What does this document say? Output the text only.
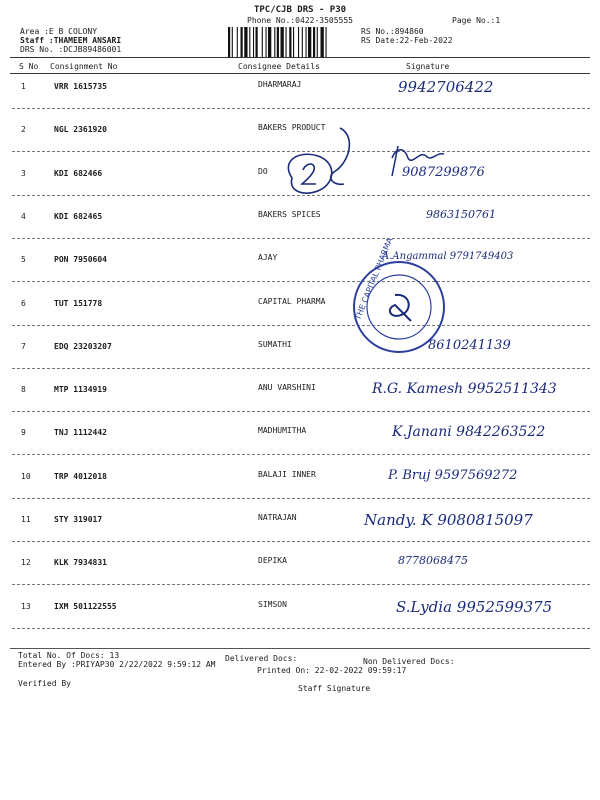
TPC/CJB DRS - P30
Phone No.:0422-3505555
Area :E B COLONY
Staff :THAMEEM ANSARI
DRS No. :DCJB89486001
RS No.:894860
RS Date:22-Feb-2022
Page No.:1
S No Consignment No	Consignee Details	Signature
1	VRR 1615735	DHARMARAJ	9942706422
2	NGL 2361920	BAKERS PRODUCT
3	KDI 682466	DO	9087299876
4	KDI 682465	BAKERS SPICES	9863150761
5	PON 7950604	AJAY	A.Angammal 9791749403
6	TUT 151778	CAPITAL PHARMA
7	EDQ 23203207	SUMATHI	8610241139
8	MTP 1134919	ANU VARSHINI	R.G. Kamesh 9952511343
9	TNJ 1112442	MADHUMITHA	K.Janani 9842263522
10	TRP 4012018	BALAJI INNER	P. Bruj 9597569272
11	STY 319017	NATRAJAN	Nandy. K 9080815097
12	KLK 7934831	DEPIKA	8778068475
13	IXM 501122555	SIMSON	S.Lydia 9952599375
THE CAPITAL PHARMA
Total No. Of Docs: 13	Delivered Docs:	Non Delivered Docs:
Entered By :PRIYAP30 2/22/2022 9:59:12 AM
Printed On: 22-02-2022 09:59:17
Verified By
Staff Signature
